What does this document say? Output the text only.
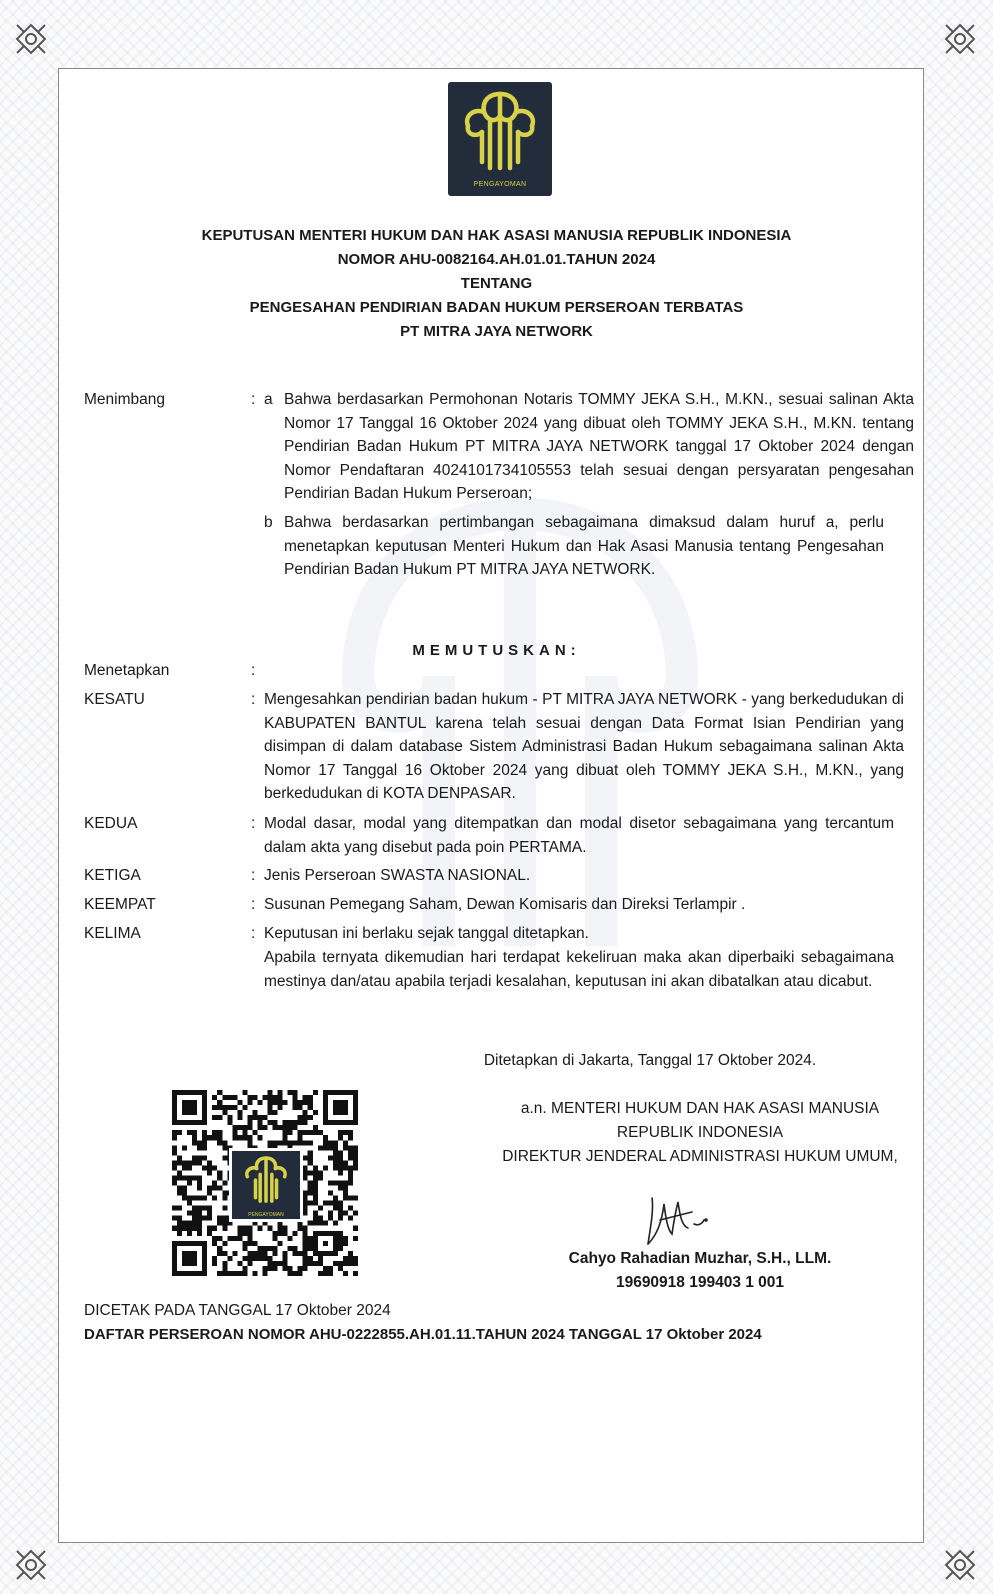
PENGAYOMAN
KEPUTUSAN MENTERI HUKUM DAN HAK ASASI MANUSIA REPUBLIK INDONESIA
NOMOR AHU-0082164.AH.01.01.TAHUN 2024
TENTANG
PENGESAHAN PENDIRIAN BADAN HUKUM PERSEROAN TERBATAS
PT MITRA JAYA NETWORK
Menimbang	: a Bahwa berdasarkan Permohonan Notaris TOMMY JEKA S.H., M.KN., sesuai salinan Akta Nomor 17 Tanggal 16 Oktober 2024 yang dibuat oleh TOMMY JEKA S.H., M.KN. tentang Pendirian Badan Hukum PT MITRA JAYA NETWORK tanggal 17 Oktober 2024 dengan Nomor Pendaftaran 4024101734105553 telah sesuai dengan persyaratan pengesahan Pendirian Badan Hukum Perseroan;
b Bahwa berdasarkan pertimbangan sebagaimana dimaksud dalam huruf a, perlu menetapkan keputusan Menteri Hukum dan Hak Asasi Manusia tentang Pengesahan Pendirian Badan Hukum PT MITRA JAYA NETWORK.
MEMUTUSKAN:
Menetapkan	:
KESATU	: Mengesahkan pendirian badan hukum - PT MITRA JAYA NETWORK - yang berkedudukan di KABUPATEN BANTUL karena telah sesuai dengan Data Format Isian Pendirian yang disimpan di dalam database Sistem Administrasi Badan Hukum sebagaimana salinan Akta Nomor 17 Tanggal 16 Oktober 2024 yang dibuat oleh TOMMY JEKA S.H., M.KN., yang berkedudukan di KOTA DENPASAR.
KEDUA	: Modal dasar, modal yang ditempatkan dan modal disetor sebagaimana yang tercantum dalam akta yang disebut pada poin PERTAMA.
KETIGA	: Jenis Perseroan SWASTA NASIONAL.
KEEMPAT	: Susunan Pemegang Saham, Dewan Komisaris dan Direksi Terlampir .
KELIMA	: Keputusan ini berlaku sejak tanggal ditetapkan.
Apabila ternyata dikemudian hari terdapat kekeliruan maka akan diperbaiki sebagaimana mestinya dan/atau apabila terjadi kesalahan, keputusan ini akan dibatalkan atau dicabut.
Ditetapkan di Jakarta, Tanggal 17 Oktober 2024.
a.n. MENTERI HUKUM DAN HAK ASASI MANUSIA
REPUBLIK INDONESIA
DIREKTUR JENDERAL ADMINISTRASI HUKUM UMUM,
Cahyo Rahadian Muzhar, S.H., LLM.
19690918 199403 1 001
PENGAYOMAN
DICETAK PADA TANGGAL 17 Oktober 2024
DAFTAR PERSEROAN NOMOR AHU-0222855.AH.01.11.TAHUN 2024 TANGGAL 17 Oktober 2024
